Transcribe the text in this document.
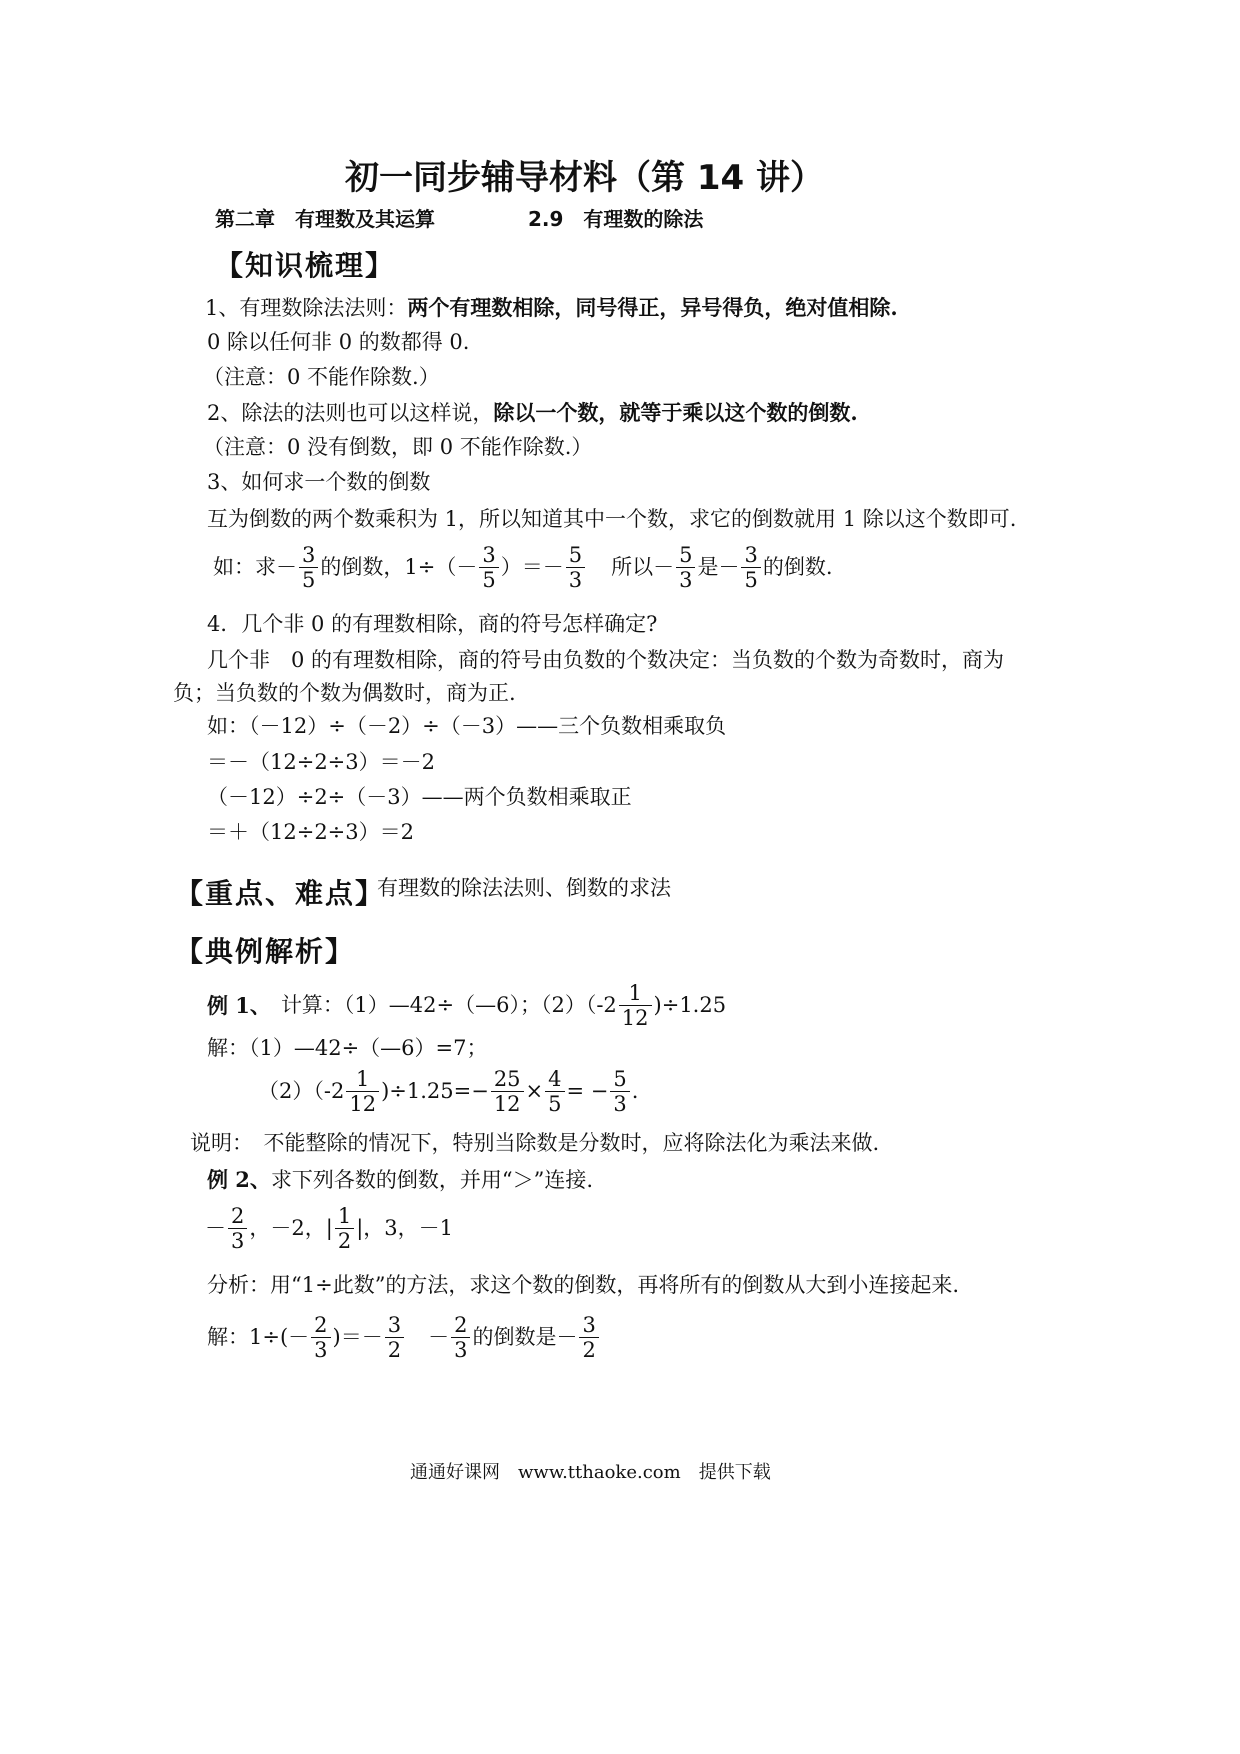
初一同步辅导材料（第 14 讲）
第二章　有理数及其运算	2.9　有理数的除法
【知识梳理】
1、有理数除法法则：两个有理数相除，同号得正，异号得负，绝对值相除.
0 除以任何非 0 的数都得 0.
（注意：0 不能作除数.）
2、除法的法则也可以这样说，除以一个数，就等于乘以这个数的倒数.
（注意：0 没有倒数，即 0 不能作除数.）
3、如何求一个数的倒数
互为倒数的两个数乘积为 1，所以知道其中一个数，求它的倒数就用 1 除以这个数即可.
如：求－ $\frac{3}{5}$ 的倒数，$1\div(- \frac{3}{5}$ ）＝－ $\frac{5}{3}$ 所以－ $\frac{5}{3}$ 是－ $\frac{3}{5}$ 的倒数.
4．几个非 0 的有理数相除，商的符号怎样确定?
几个非　0 的有理数相除，商的符号由负数的个数决定：当负数的个数为奇数时，商为
负；当负数的个数为偶数时，商为正.
如：（－12）÷（－2）÷（－3）——三个负数相乘取负
＝－（12÷2÷3）＝－2
（－12）÷2÷（－3）——两个负数相乘取正
＝＋（12÷2÷3）＝2
【重点、难点】
有理数的除法法则、倒数的求法
【典例解析】
例 1、 计算：（1）—42÷（—6）；$(2)(-2 \frac{1}{12} )\div 1.25$
解：（1）—42÷（—6）=7；
$(2)(-2 \frac{1}{12} )\div 1.25=- \frac{25}{12} \times \frac{4}{5}$ = − $\frac{5}{3}$ .
说明：　不能整除的情况下，特别当除数是分数时，应将除法化为乘法来做.
例 2、求下列各数的倒数，并用“＞”连接.
－ $\frac{2}{3}$ ，－2，| $\frac{1}{2}$ |，3，－1
分析：用“1÷此数”的方法，求这个数的倒数，再将所有的倒数从大到小连接起来.
解：$1\div(- \frac{2}{3}$ )＝－ $\frac{3}{2} - \frac{2}{3}$ 的倒数是－ $\frac{3}{2}$
通通好课网　www.tthaoke.com　提供下载
